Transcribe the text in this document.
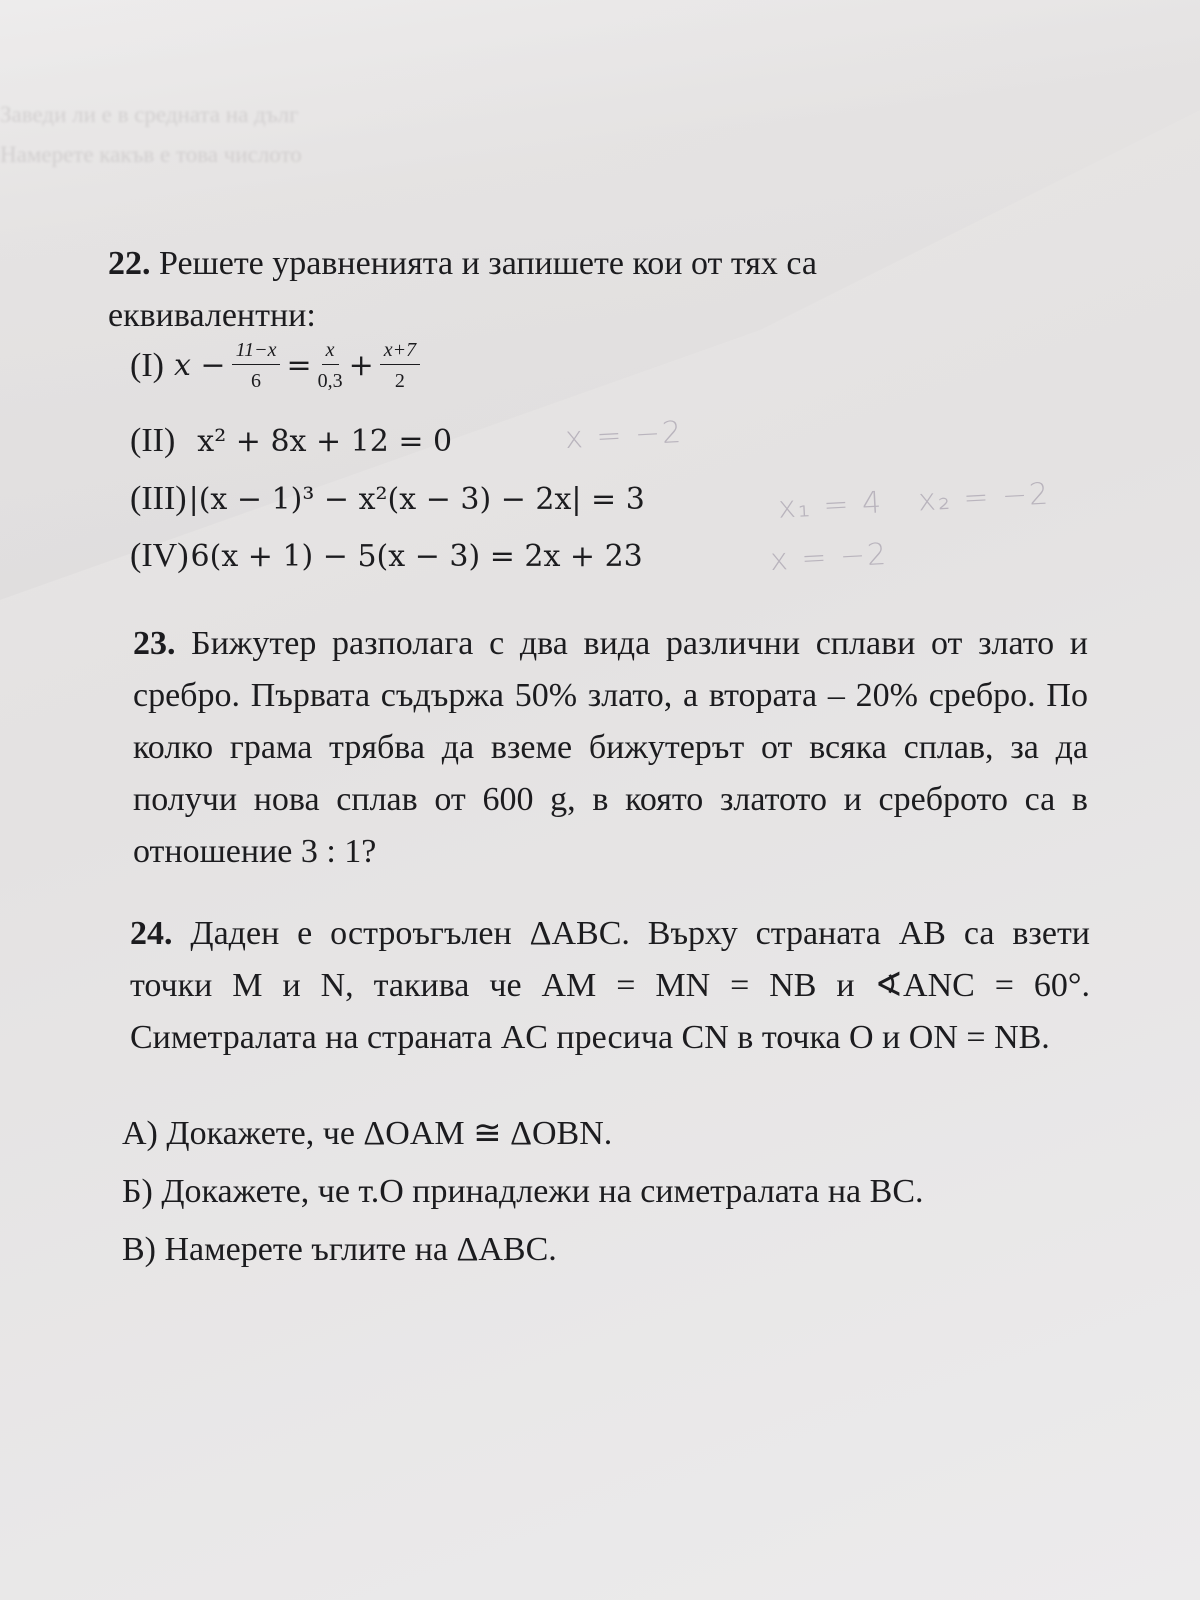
Заведи ли е в средната на дълг
Намерете какъв е това числото
22. Решете уравненията и запишете кои от тях са
еквивалентни:
(I) $x - \frac{11-x}{6} = \frac{x}{0,3} + \frac{x+7}{2}$
(II) x² + 8x + 12 = 0	x = −2
(III) |(x − 1)³ − x²(x − 3) − 2x| = 3	x₁ = 4 x₂ = −2
(IV) 6(x + 1) − 5(x − 3) = 2x + 23	x = −2
23. Бижутер разполага с два вида различни сплави от злато и сребро. Първата съдържа 50% злато, а втората – 20% сребро. По колко грама трябва да вземе бижутерът от всяка сплав, за да получи нова сплав от 600 g, в която златото и среброто са в отношение 3 : 1?
24. Даден е остроъгълен ΔABC. Върху страната AB са взети точки M и N, такива че AM = MN = NB и ∢ANC = 60°. Симетралата на страната AC пресича CN в точка O и ON = NB.
А) Докажете, че ΔOAM ≅ ΔOBN.
Б) Докажете, че т.O принадлежи на симетралата на BC.
В) Намерете ъглите на ΔABC.
